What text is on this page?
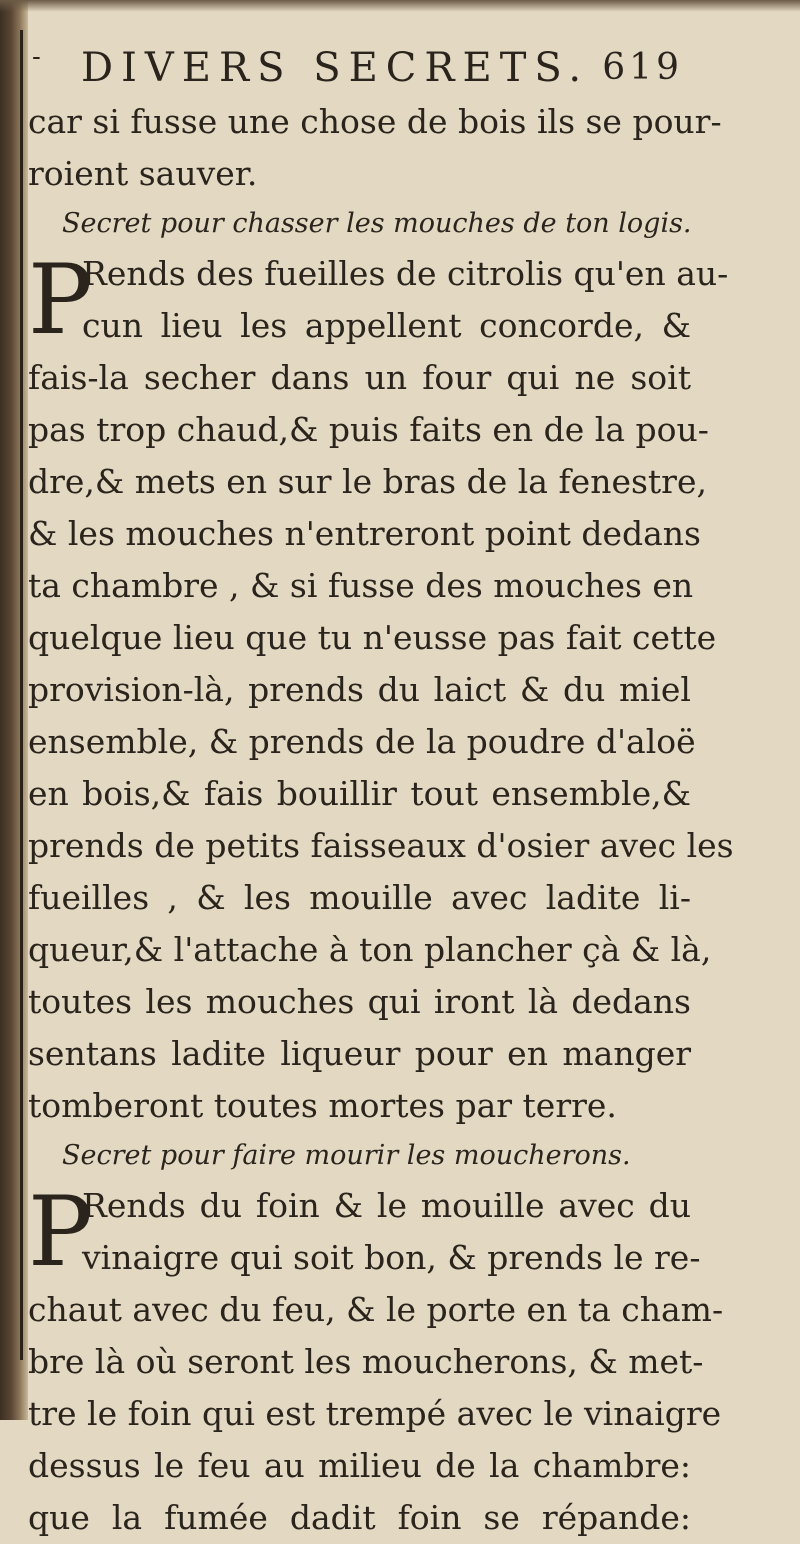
- DIVERS SECRETS. 619
car si fusse une chose de bois ils se pour-
roient sauver.
Secret pour chasser les mouches de ton logis.
P
Rends des fueilles de citrolis qu'en au-
cun lieu les appellent concorde, &
fais-la secher dans un four qui ne soit
pas trop chaud,& puis faits en de la pou-
dre,& mets en sur le bras de la fenestre,
& les mouches n'entreront point dedans
ta chambre , & si fusse des mouches en
quelque lieu que tu n'eusse pas fait cette
provision-là, prends du laict & du miel
ensemble, & prends de la poudre d'aloë
en bois,& fais bouillir tout ensemble,&
prends de petits faisseaux d'osier avec les
fueilles , & les mouille avec ladite li-
queur,& l'attache à ton plancher çà & là,
toutes les mouches qui iront là dedans
sentans ladite liqueur pour en manger
tomberont toutes mortes par terre.
Secret pour faire mourir les moucherons.
P
Rends du foin & le mouille avec du
vinaigre qui soit bon, & prends le re-
chaut avec du feu, & le porte en ta cham-
bre là où seront les moucherons, & met-
tre le foin qui est trempé avec le vinaigre
dessus le feu au milieu de la chambre:
que la fumée dadit foin se répande:
